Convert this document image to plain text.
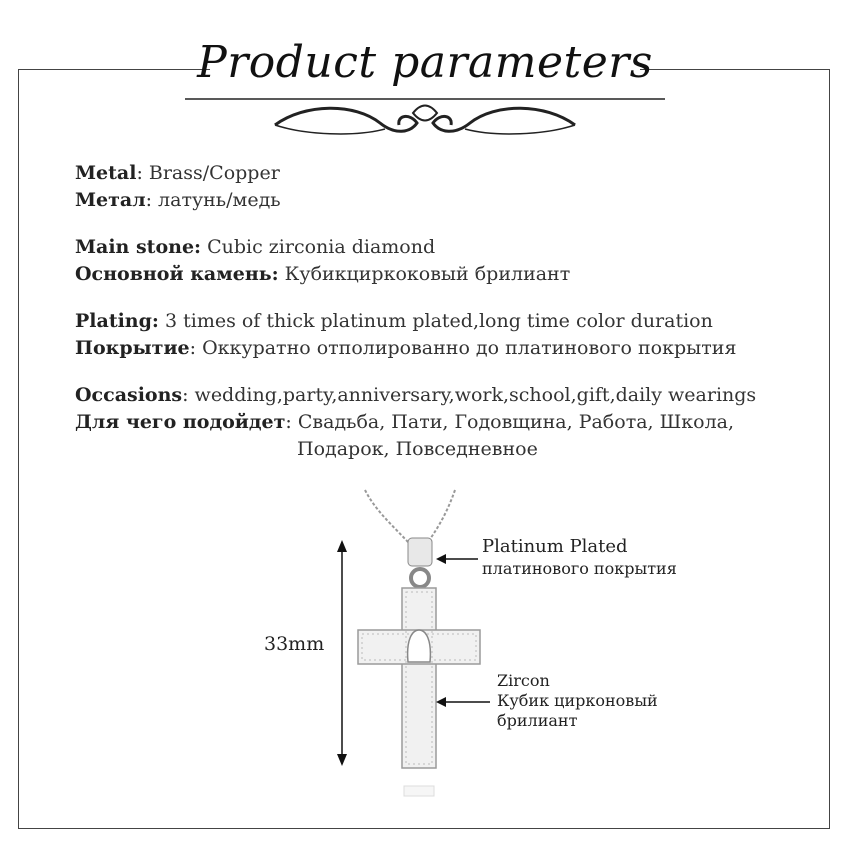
Product parameters
Metal: Brass/Copper
Метал: латунь/медь
Main stone: Cubic zirconia diamond
Основной камень: Кубикциркоковый брилиант
Plating: 3 times of thick platinum plated,long time color duration
Покрытие: Оккуратно отполированно до платинового покрытия
Occasions: wedding,party,anniversary,work,school,gift,daily wearings
Для чего подойдет: Свадьба, Пати, Годовщина, Работа, Школа,
Подарок, Повседневное
33mm
Platinum Plated
платинового покрытия
Zircon
Кубик цирконовый
брилиант
